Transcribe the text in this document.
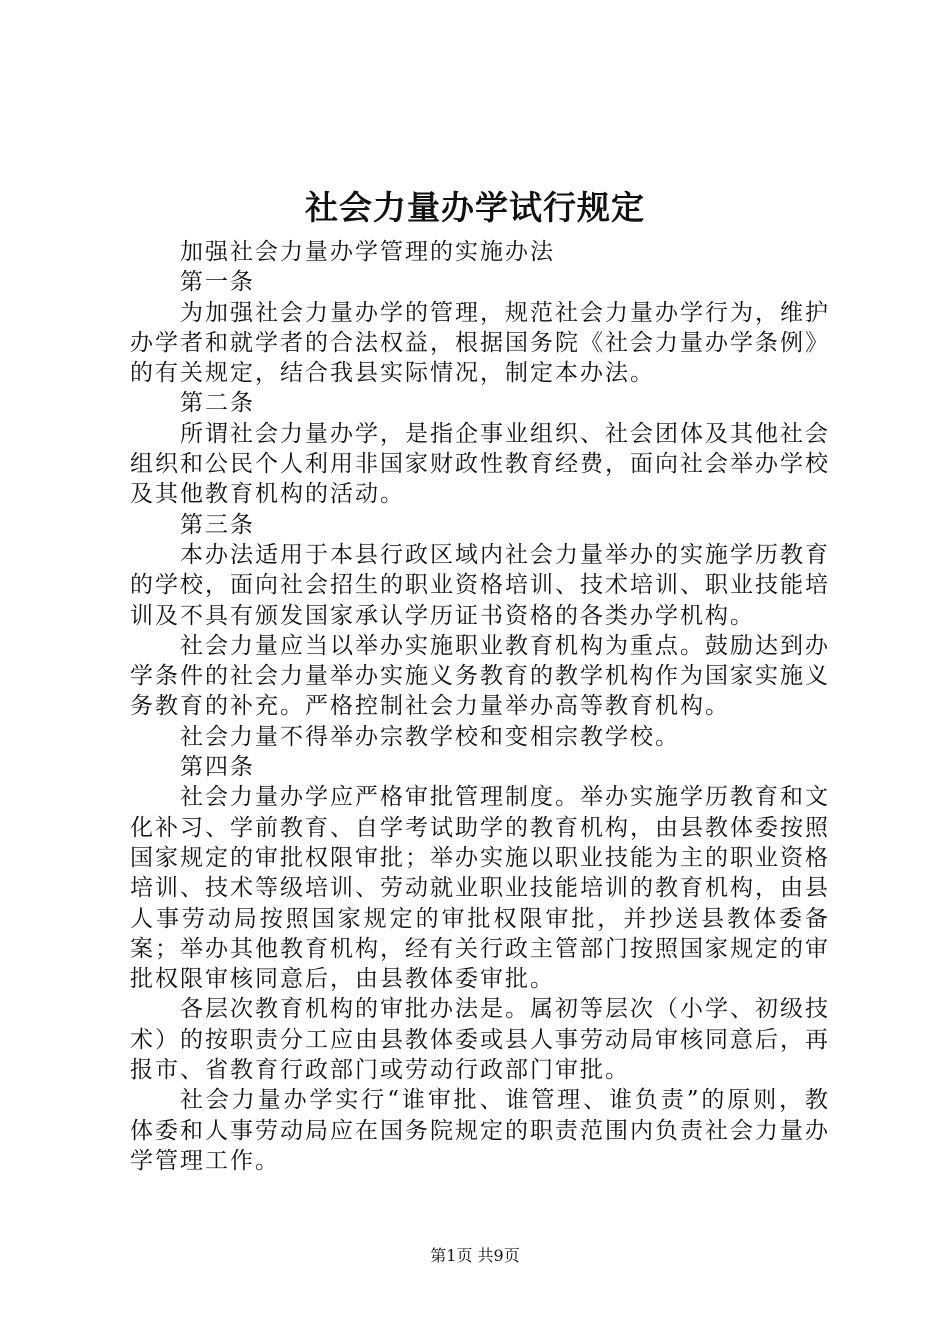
社会力量办学试行规定

加强社会力量办学管理的实施办法

第一条

为加强社会力量办学的管理，规范社会力量办学行为，维护办学者和就学者的合法权益，根据国务院《社会力量办学条例》的有关规定，结合我县实际情况，制定本办法。

第二条

所谓社会力量办学，是指企事业组织、社会团体及其他社会组织和公民个人利用非国家财政性教育经费，面向社会举办学校及其他教育机构的活动。

第三条

本办法适用于本县行政区域内社会力量举办的实施学历教育的学校，面向社会招生的职业资格培训、技术培训、职业技能培训及不具有颁发国家承认学历证书资格的各类办学机构。

社会力量应当以举办实施职业教育机构为重点。鼓励达到办学条件的社会力量举办实施义务教育的教学机构作为国家实施义务教育的补充。严格控制社会力量举办高等教育机构。

社会力量不得举办宗教学校和变相宗教学校。

第四条

社会力量办学应严格审批管理制度。举办实施学历教育和文化补习、学前教育、自学考试助学的教育机构，由县教体委按照国家规定的审批权限审批；举办实施以职业技能为主的职业资格培训、技术等级培训、劳动就业职业技能培训的教育机构，由县人事劳动局按照国家规定的审批权限审批，并抄送县教体委备案；举办其他教育机构，经有关行政主管部门按照国家规定的审批权限审核同意后，由县教体委审批。

各层次教育机构的审批办法是。属初等层次（小学、初级技术）的按职责分工应由县教体委或县人事劳动局审核同意后，再报市、省教育行政部门或劳动行政部门审批。

社会力量办学实行“谁审批、谁管理、谁负责”的原则，教体委和人事劳动局应在国务院规定的职责范围内负责社会力量办学管理工作。

第1页 共9页
